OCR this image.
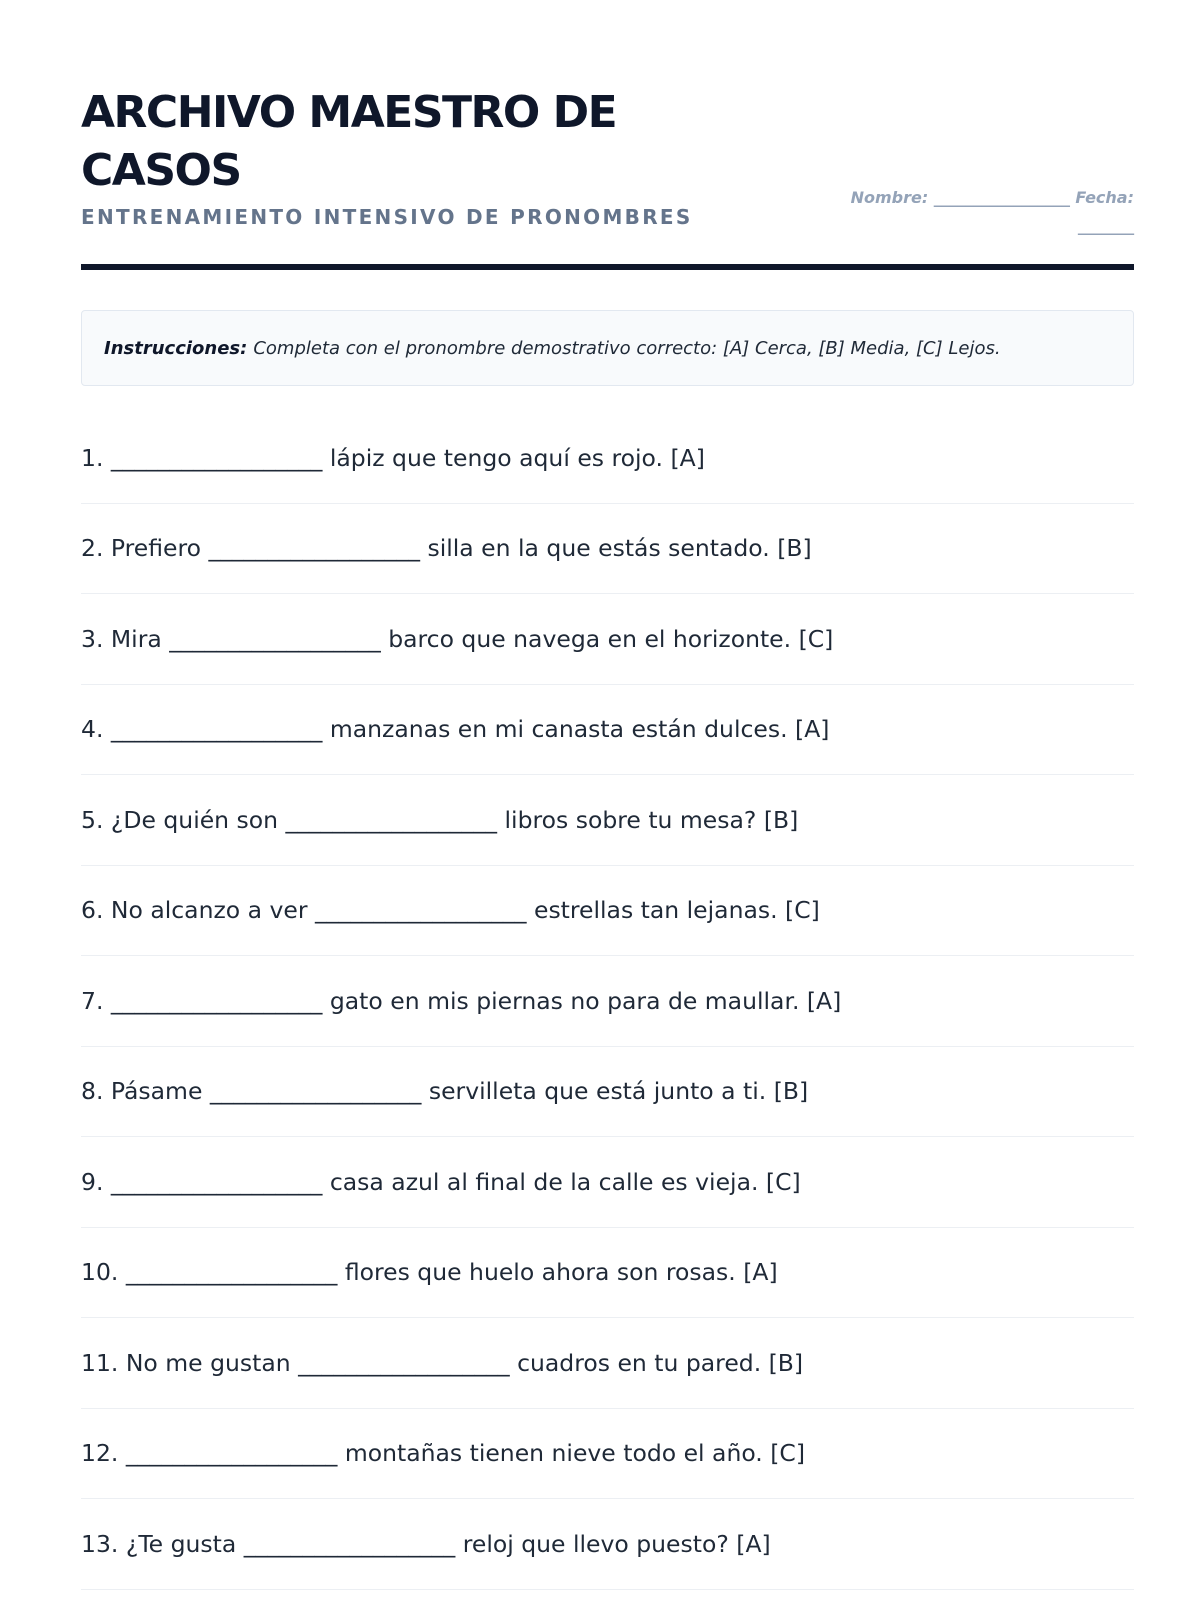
ARCHIVO MAESTRO DE CASOS
ENTRENAMIENTO INTENSIVO DE PRONOMBRES
Nombre: _________________ Fecha:
_______
Instrucciones: Completa con el pronombre demostrativo correcto: [A] Cerca, [B] Media, [C] Lejos.
1. __________________ lápiz que tengo aquí es rojo. [A]
2. Prefiero __________________ silla en la que estás sentado. [B]
3. Mira __________________ barco que navega en el horizonte. [C]
4. __________________ manzanas en mi canasta están dulces. [A]
5. ¿De quién son __________________ libros sobre tu mesa? [B]
6. No alcanzo a ver __________________ estrellas tan lejanas. [C]
7. __________________ gato en mis piernas no para de maullar. [A]
8. Pásame __________________ servilleta que está junto a ti. [B]
9. __________________ casa azul al final de la calle es vieja. [C]
10. __________________ flores que huelo ahora son rosas. [A]
11. No me gustan __________________ cuadros en tu pared. [B]
12. __________________ montañas tienen nieve todo el año. [C]
13. ¿Te gusta __________________ reloj que llevo puesto? [A]
